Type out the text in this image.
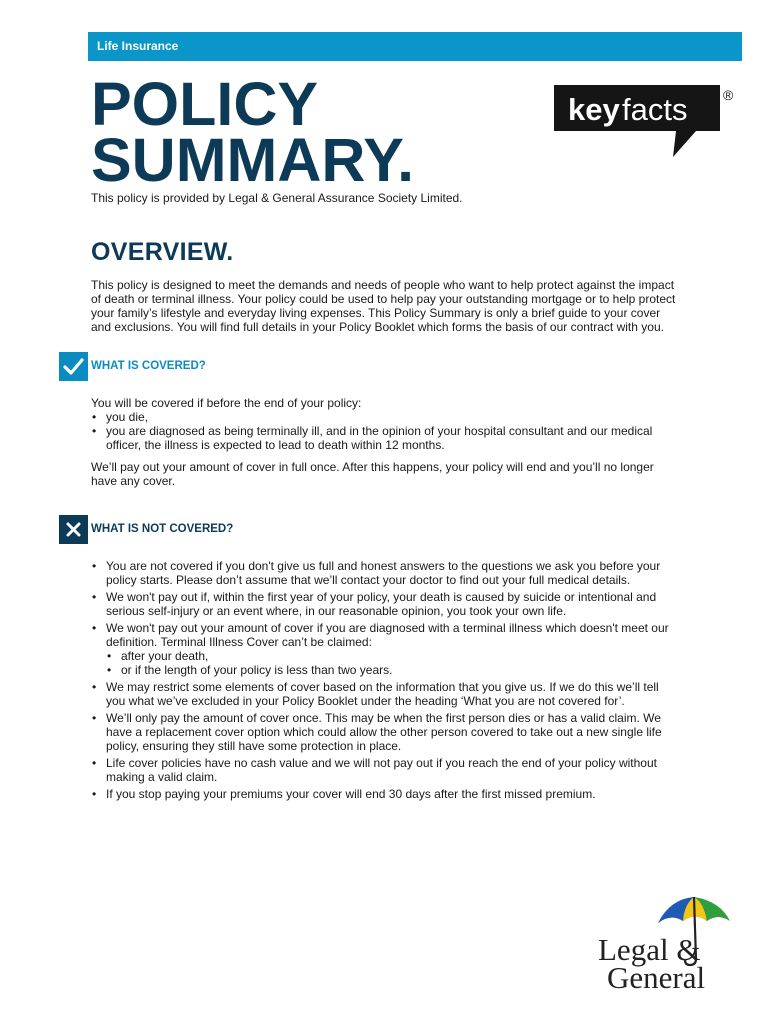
Life Insurance
POLICY
SUMMARY.
This policy is provided by Legal & General Assurance Society Limited.
key facts	®
OVERVIEW.
This policy is designed to meet the demands and needs of people who want to help protect against the impact
of death or terminal illness. Your policy could be used to help pay your outstanding mortgage or to help protect
your family’s lifestyle and everyday living expenses. This Policy Summary is only a brief guide to your cover
and exclusions. You will find full details in your Policy Booklet which forms the basis of our contract with you.
WHAT IS COVERED?

You will be covered if before the end of your policy:

• you die,
• you are diagnosed as being terminally ill, and in the opinion of your hospital consultant and our medical
officer, the illness is expected to lead to death within 12 months.

We’ll pay out your amount of cover in full once. After this happens, your policy will end and you’ll no longer
have any cover.

WHAT IS NOT COVERED?
• You are not covered if you don't give us full and honest answers to the questions we ask you before your
policy starts. Please don’t assume that we’ll contact your doctor to find out your full medical details.
• We won't pay out if, within the first year of your policy, your death is caused by suicide or intentional and
serious self-injury or an event where, in our reasonable opinion, you took your own life.
• We won't pay out your amount of cover if you are diagnosed with a terminal illness which doesn't meet our
definition. Terminal Illness Cover can’t be claimed:
• after your death,
• or if the length of your policy is less than two years.
• We may restrict some elements of cover based on the information that you give us. If we do this we’ll tell
you what we’ve excluded in your Policy Booklet under the heading ‘What you are not covered for’.
• We’ll only pay the amount of cover once. This may be when the first person dies or has a valid claim. We
have a replacement cover option which could allow the other person covered to take out a new single life
policy, ensuring they still have some protection in place.
• Life cover policies have no cash value and we will not pay out if you reach the end of your policy without
making a valid claim.
• If you stop paying your premiums your cover will end 30 days after the first missed premium.
Legal &
General
